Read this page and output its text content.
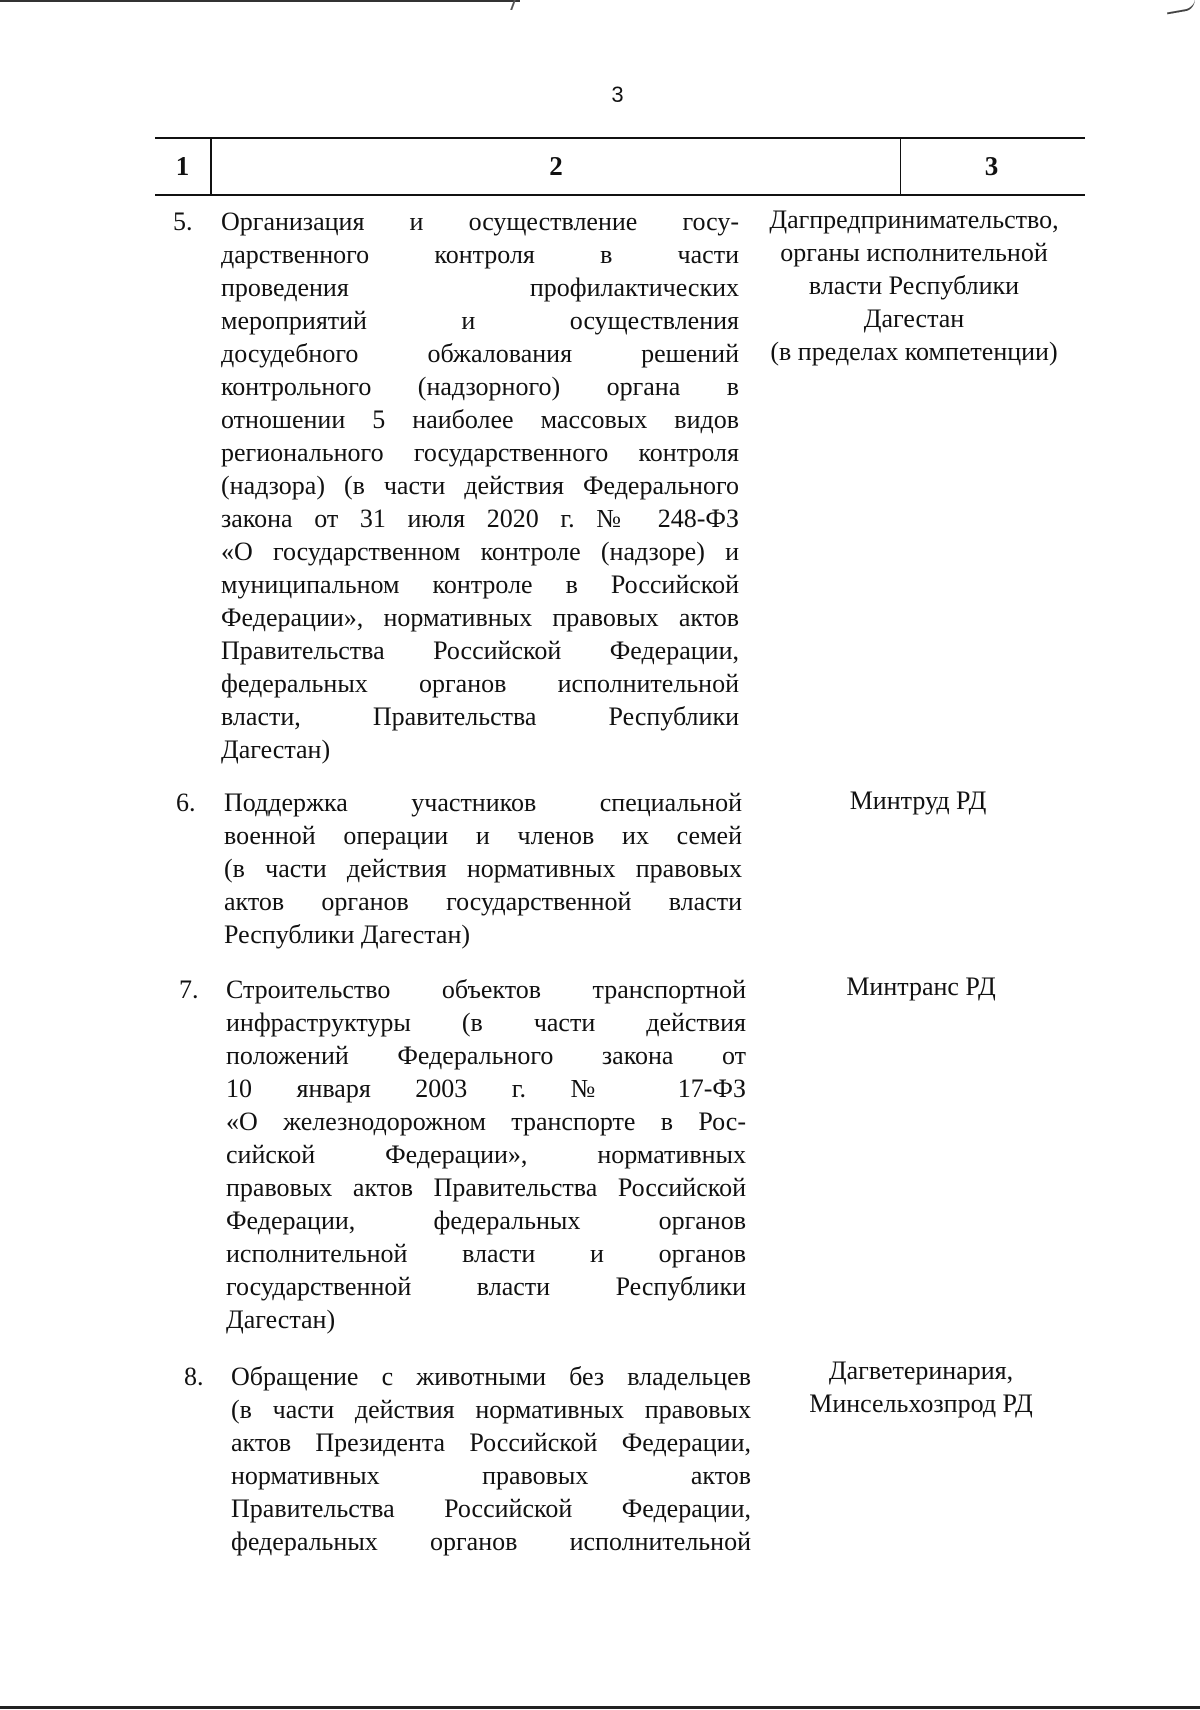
3
1	2	3
5. Организация и осуществление госу-
дарственного контроля в части
проведения профилактических
мероприятий и осуществления
досудебного обжалования решений
контрольного (надзорного) органа в
отношении 5 наиболее массовых видов
регионального государственного контроля
(надзора) (в части действия Федерального
закона от 31 июля 2020 г. № 248-ФЗ
«О государственном контроле (надзоре) и
муниципальном контроле в Российской
Федерации», нормативных правовых актов
Правительства Российской Федерации,
федеральных органов исполнительной
власти, Правительства Республики
Дагестан)
Дагпредпринимательство,
органы исполнительной
власти Республики
Дагестан
(в пределах компетенции)
6. Поддержка участников специальной
военной операции и членов их семей
(в части действия нормативных правовых
актов органов государственной власти
Республики Дагестан)
Минтруд РД
7. Строительство объектов транспортной
инфраструктуры (в части действия
положений Федерального закона от
10 января 2003 г. № 17-ФЗ
«О железнодорожном транспорте в Рос-
сийской Федерации», нормативных
правовых актов Правительства Российской
Федерации, федеральных органов
исполнительной власти и органов
государственной власти Республики
Дагестан)
Минтранс РД
8. Обращение с животными без владельцев
(в части действия нормативных правовых
актов Президента Российской Федерации,
нормативных правовых актов
Правительства Российской Федерации,
федеральных органов исполнительной
Дагветеринария,
Минсельхозпрод РД
